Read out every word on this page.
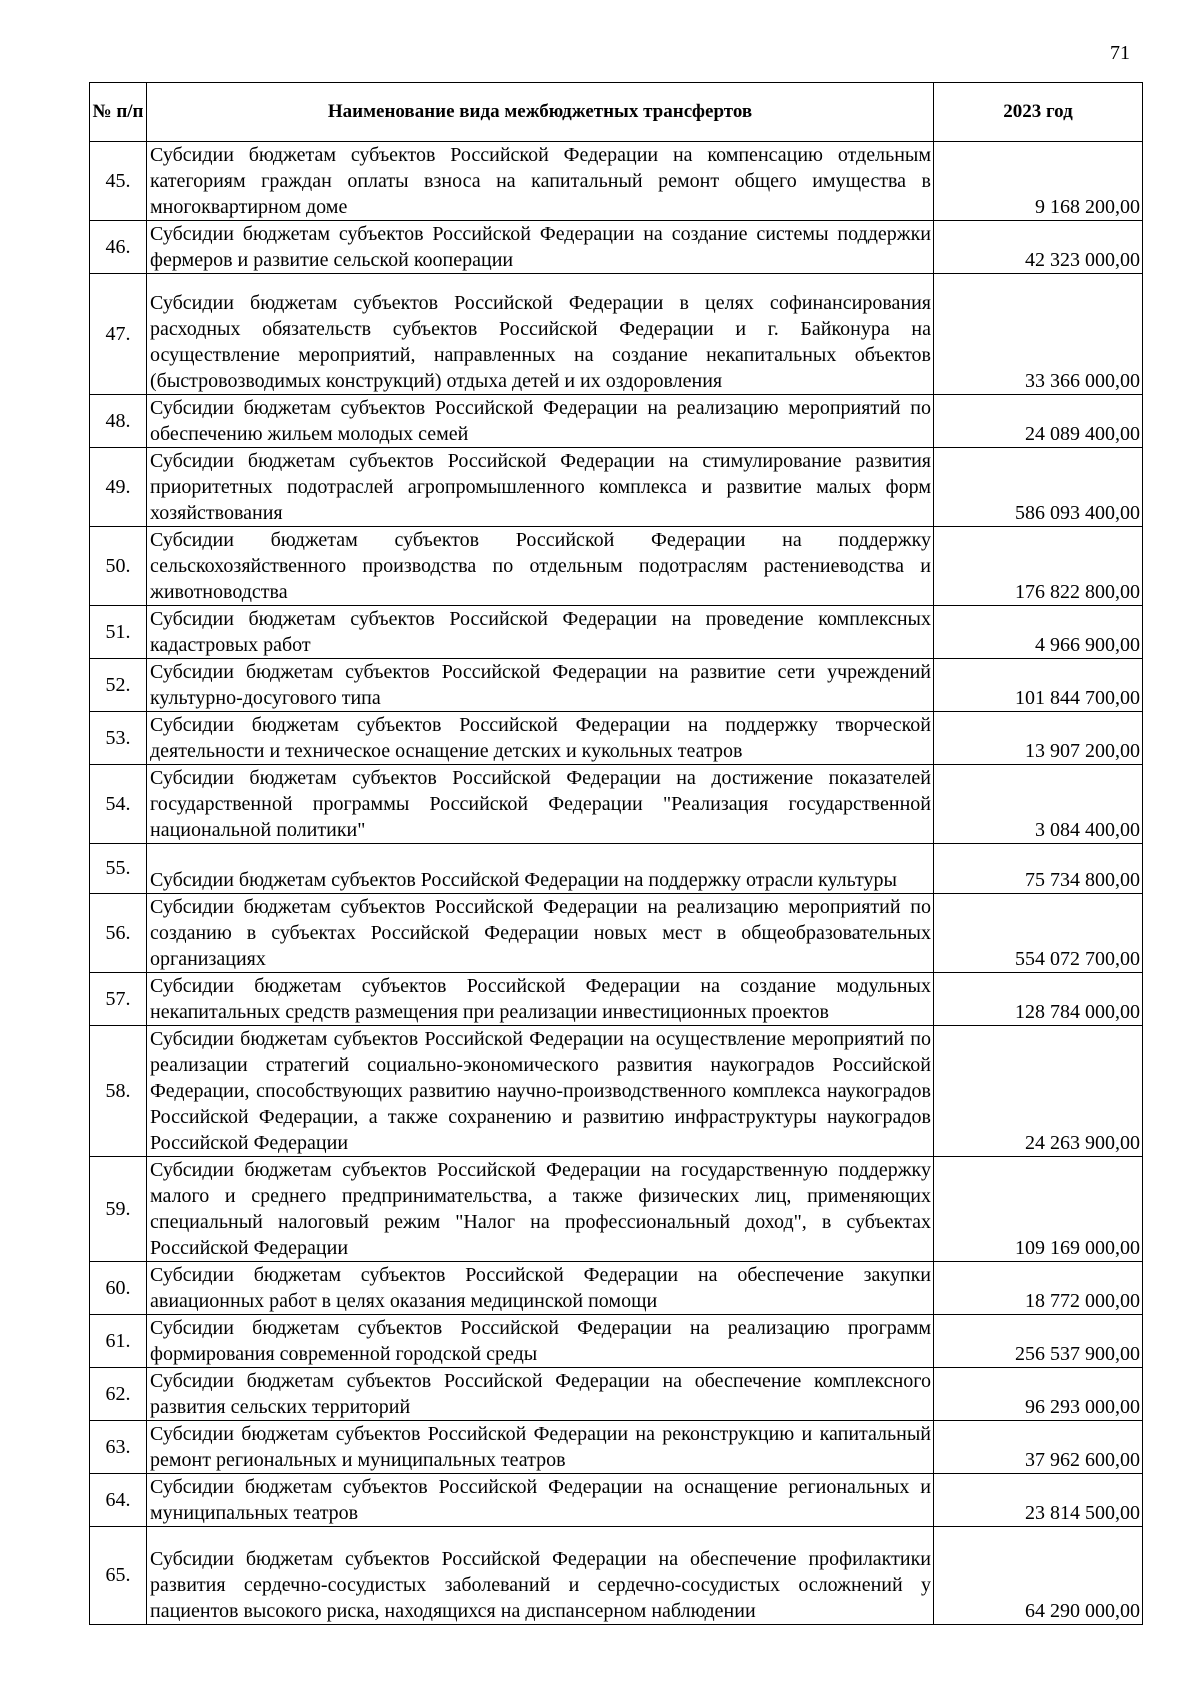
71
№ п/п	Наименование вида межбюджетных трансфертов	2023 год
45.	Субсидии бюджетам субъектов Российской Федерации на компенсацию отдельным категориям граждан оплаты взноса на капитальный ремонт общего имущества в многоквартирном доме	9 168 200,00
46.	Субсидии бюджетам субъектов Российской Федерации на создание системы поддержки фермеров и развитие сельской кооперации	42 323 000,00
47.	Субсидии бюджетам субъектов Российской Федерации в целях софинансирования расходных обязательств субъектов Российской Федерации и г. Байконура на осуществление мероприятий, направленных на создание некапитальных объектов (быстровозводимых конструкций) отдыха детей и их оздоровления	33 366 000,00
48.	Субсидии бюджетам субъектов Российской Федерации на реализацию мероприятий по обеспечению жильем молодых семей	24 089 400,00
49.	Субсидии бюджетам субъектов Российской Федерации на стимулирование развития приоритетных подотраслей агропромышленного комплекса и развитие малых форм хозяйствования	586 093 400,00
50.	Субсидии бюджетам субъектов Российской Федерации на поддержку сельскохозяйственного производства по отдельным подотраслям растениеводства и животноводства	176 822 800,00
51.	Субсидии бюджетам субъектов Российской Федерации на проведение комплексных кадастровых работ	4 966 900,00
52.	Субсидии бюджетам субъектов Российской Федерации на развитие сети учреждений культурно-досугового типа	101 844 700,00
53.	Субсидии бюджетам субъектов Российской Федерации на поддержку творческой деятельности и техническое оснащение детских и кукольных театров	13 907 200,00
54.	Субсидии бюджетам субъектов Российской Федерации на достижение показателей государственной программы Российской Федерации "Реализация государственной национальной политики"	3 084 400,00
55.	Субсидии бюджетам субъектов Российской Федерации на поддержку отрасли культуры	75 734 800,00
56.	Субсидии бюджетам субъектов Российской Федерации на реализацию мероприятий по созданию в субъектах Российской Федерации новых мест в общеобразовательных организациях	554 072 700,00
57.	Субсидии бюджетам субъектов Российской Федерации на создание модульных некапитальных средств размещения при реализации инвестиционных проектов	128 784 000,00
58.	Субсидии бюджетам субъектов Российской Федерации на осуществление мероприятий по реализации стратегий социально-экономического развития наукоградов Российской Федерации, способствующих развитию научно-производственного комплекса наукоградов Российской Федерации, а также сохранению и развитию инфраструктуры наукоградов Российской Федерации	24 263 900,00
59.	Субсидии бюджетам субъектов Российской Федерации на государственную поддержку малого и среднего предпринимательства, а также физических лиц, применяющих специальный налоговый режим "Налог на профессиональный доход", в субъектах Российской Федерации	109 169 000,00
60.	Субсидии бюджетам субъектов Российской Федерации на обеспечение закупки авиационных работ в целях оказания медицинской помощи	18 772 000,00
61.	Субсидии бюджетам субъектов Российской Федерации на реализацию программ формирования современной городской среды	256 537 900,00
62.	Субсидии бюджетам субъектов Российской Федерации на обеспечение комплексного развития сельских территорий	96 293 000,00
63.	Субсидии бюджетам субъектов Российской Федерации на реконструкцию и капитальный ремонт региональных и муниципальных театров	37 962 600,00
64.	Субсидии бюджетам субъектов Российской Федерации на оснащение региональных и муниципальных театров	23 814 500,00
65.	Субсидии бюджетам субъектов Российской Федерации на обеспечение профилактики развития сердечно-сосудистых заболеваний и сердечно-сосудистых осложнений у пациентов высокого риска, находящихся на диспансерном наблюдении	64 290 000,00
